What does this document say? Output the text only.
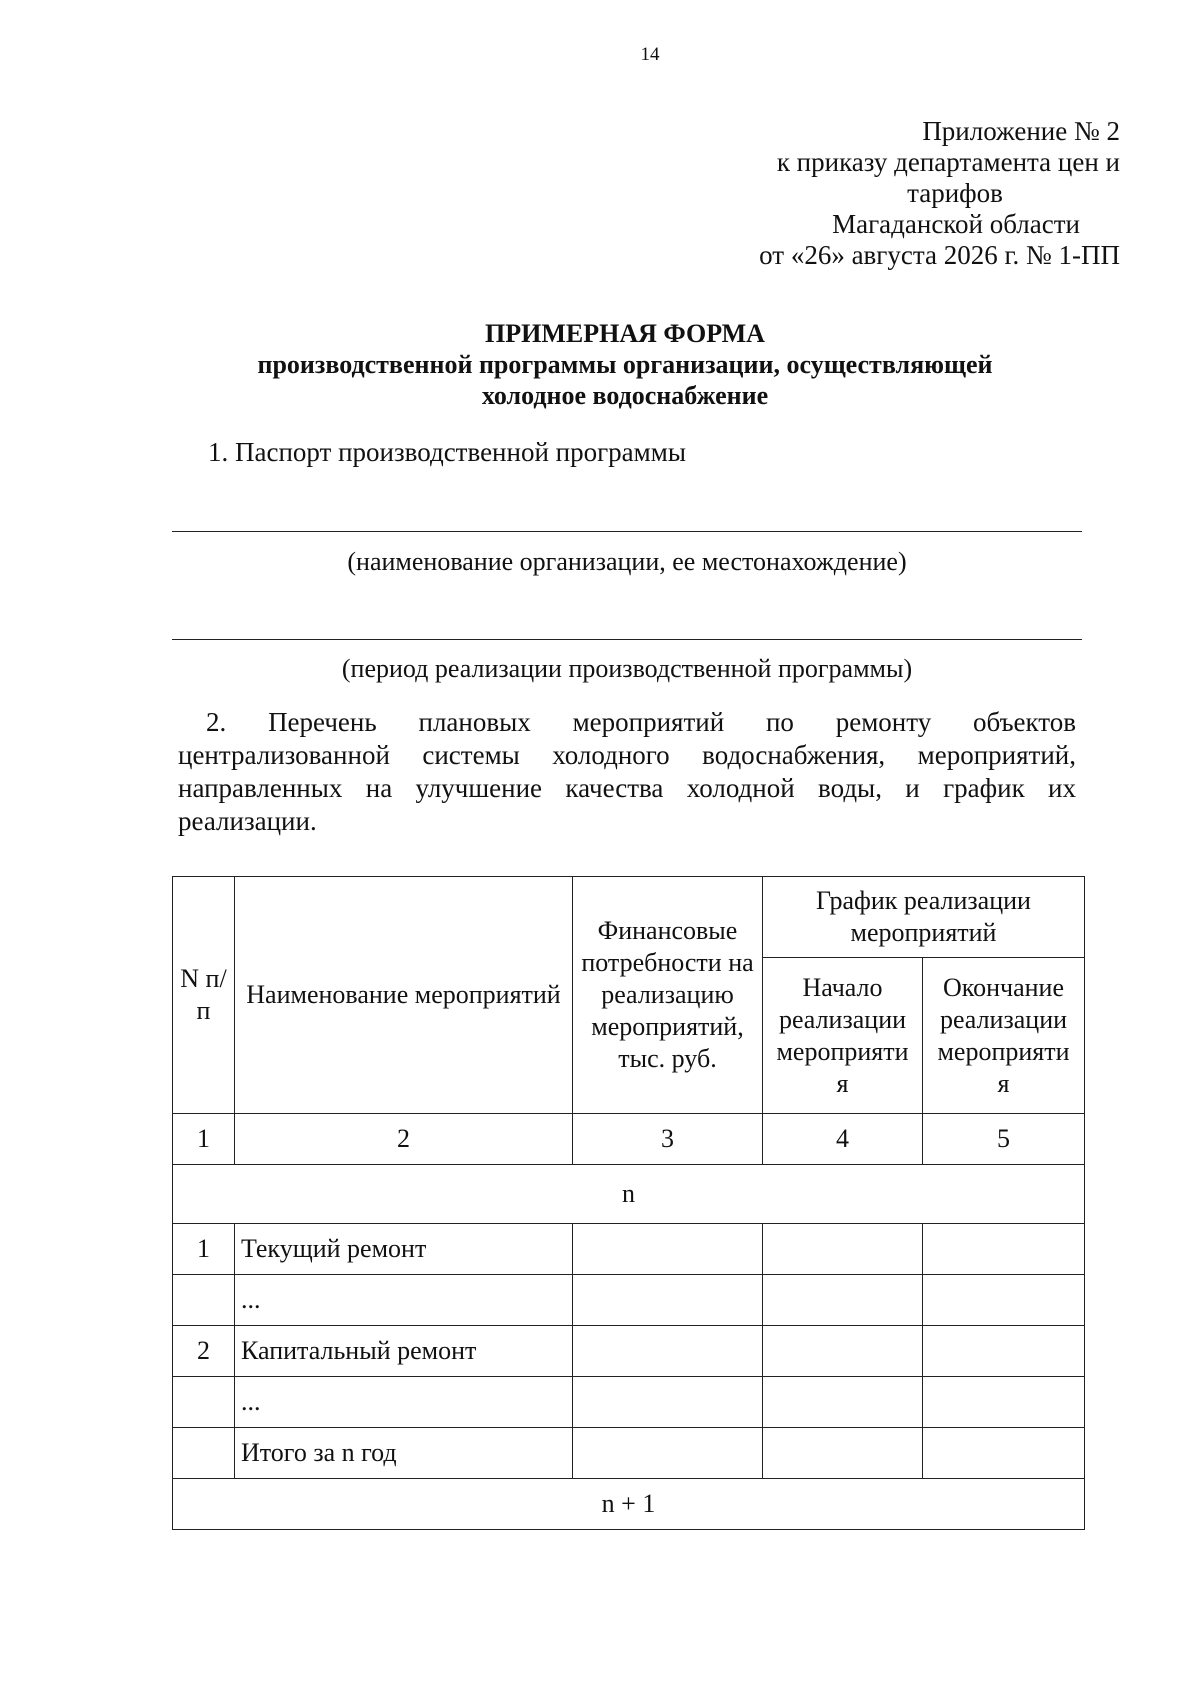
14
Приложение № 2
к приказу департамента цен и
тарифов
Магаданской области
от «26» августа 2026 г. № 1-ПП
ПРИМЕРНАЯ ФОРМА
производственной программы организации, осуществляющей
холодное водоснабжение
1. Паспорт производственной программы
(наименование организации, ее местонахождение)
(период реализации производственной программы)
2. Перечень плановых мероприятий по ремонту объектов
централизованной системы холодного водоснабжения, мероприятий,
направленных на улучшение качества холодной воды, и график их
реализации.
N п/п	Наименование мероприятий	Финансовые потребности на реализацию мероприятий, тыс. руб.	График реализации мероприятий	
			Начало реализации мероприяти я	Окончание реализации мероприяти я
1	2	3	4	5
n				
1	Текущий ремонт			
	...			
2	Капитальный ремонт			
	...			
	Итого за n год			
n + 1				
